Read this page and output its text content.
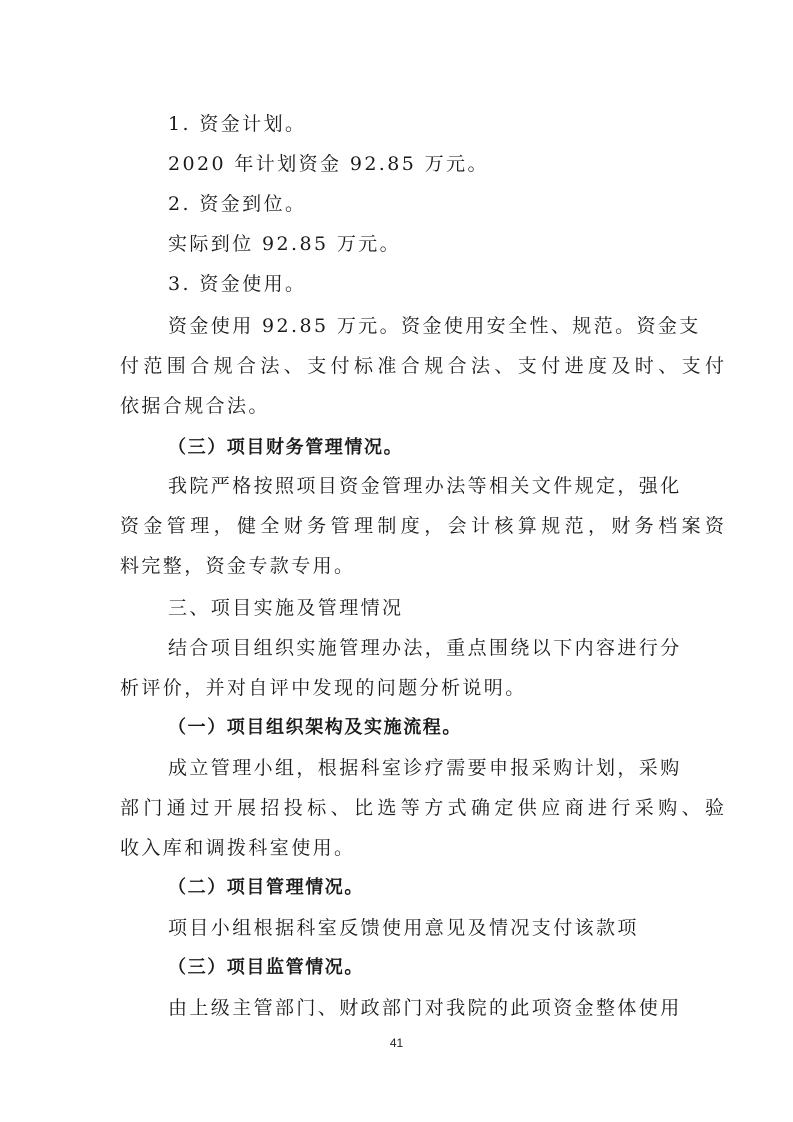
1. 资金计划。
2020 年计划资金 92.85 万元。
2. 资金到位。
实际到位 92.85 万元。
3. 资金使用。
资金使用 92.85 万元。资金使用安全性、规范。资金支
付范围合规合法、支付标准合规合法、支付进度及时、支付
依据合规合法。
（三）项目财务管理情况。
我院严格按照项目资金管理办法等相关文件规定，强化
资金管理，健全财务管理制度，会计核算规范，财务档案资
料完整，资金专款专用。
三、项目实施及管理情况
结合项目组织实施管理办法，重点围绕以下内容进行分
析评价，并对自评中发现的问题分析说明。
（一）项目组织架构及实施流程。
成立管理小组，根据科室诊疗需要申报采购计划，采购
部门通过开展招投标、比选等方式确定供应商进行采购、验
收入库和调拨科室使用。
（二）项目管理情况。
项目小组根据科室反馈使用意见及情况支付该款项
（三）项目监管情况。
由上级主管部门、财政部门对我院的此项资金整体使用
41
